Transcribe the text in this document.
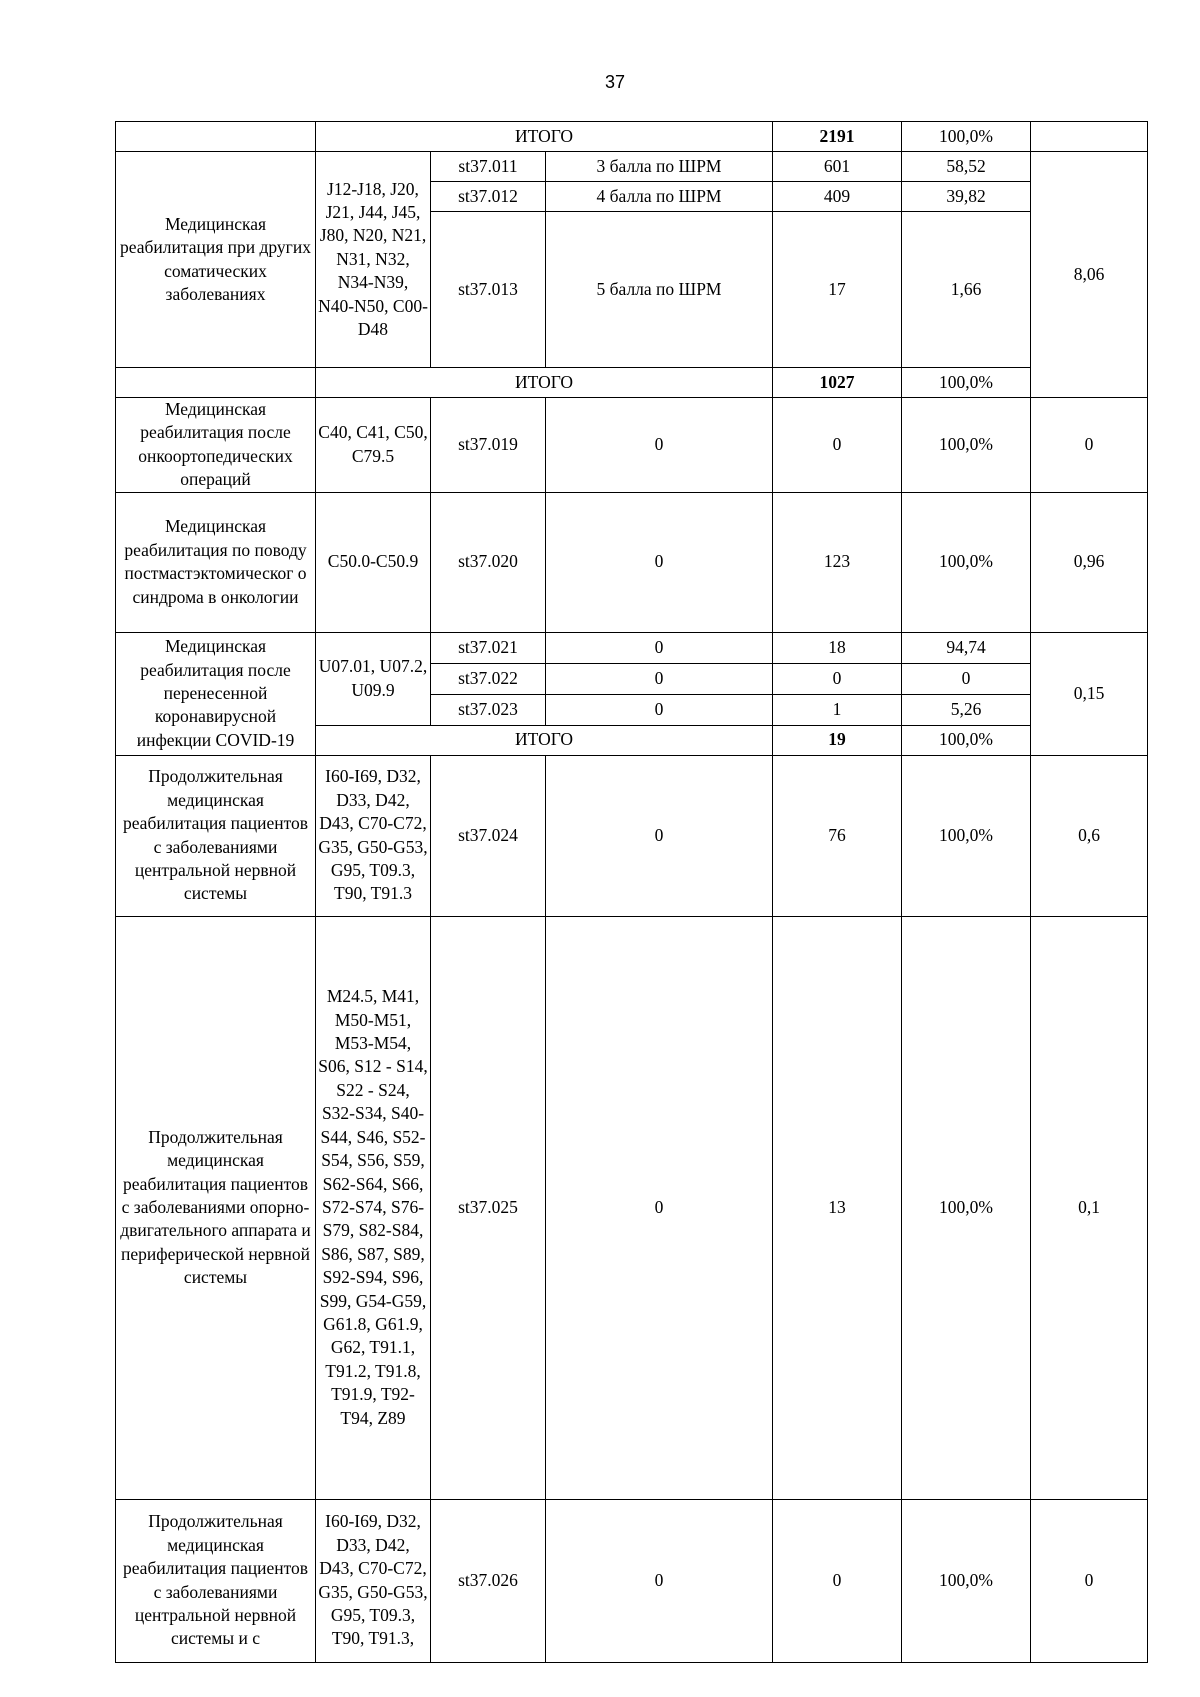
37
	ИТОГО			2191	100,0%	
Медицинская реабилитация при других соматических заболеваниях	J12-J18, J20, J21, J44, J45, J80, N20, N21, N31, N32, N34-N39, N40-N50, C00-D48	st37.011	3 балла по ШРМ	601	58,52	8,06
		st37.012	4 балла по ШРМ	409	39,82	
		st37.013	5 балла по ШРМ	17	1,66	
	ИТОГО			1027	100,0%	
Медицинская реабилитация после онкоортопедических операций	C40, C41, C50, C79.5	st37.019	0	0	100,0%	0
Медицинская реабилитация по поводу постмастэктомическог о синдрома в онкологии	C50.0-C50.9	st37.020	0	123	100,0%	0,96
Медицинская реабилитация после перенесенной коронавирусной инфекции COVID-19	U07.01, U07.2, U09.9	st37.021	0	18	94,74	0,15
		st37.022	0	0	0	
		st37.023	0	1	5,26	
	ИТОГО			19	100,0%	
Продолжительная медицинская реабилитация пациентов с заболеваниями центральной нервной системы	I60-I69, D32, D33, D42, D43, C70-C72, G35, G50-G53, G95, T09.3, T90, T91.3	st37.024	0	76	100,0%	0,6
Продолжительная медицинская реабилитация пациентов с заболеваниями опорно- двигательного аппарата и периферической нервной системы	M24.5, M41, M50-M51, M53-M54, S06, S12 - S14, S22 - S24, S32-S34, S40-S44, S46, S52-S54, S56, S59, S62-S64, S66, S72-S74, S76-S79, S82-S84, S86, S87, S89, S92-S94, S96, S99, G54-G59, G61.8, G61.9, G62, T91.1, T91.2, T91.8, T91.9, T92-T94, Z89	st37.025	0	13	100,0%	0,1
Продолжительная медицинская реабилитация пациентов с заболеваниями центральной нервной системы и с	I60-I69, D32, D33, D42, D43, C70-C72, G35, G50-G53, G95, T09.3, T90, T91.3,	st37.026	0	0	100,0%	0
